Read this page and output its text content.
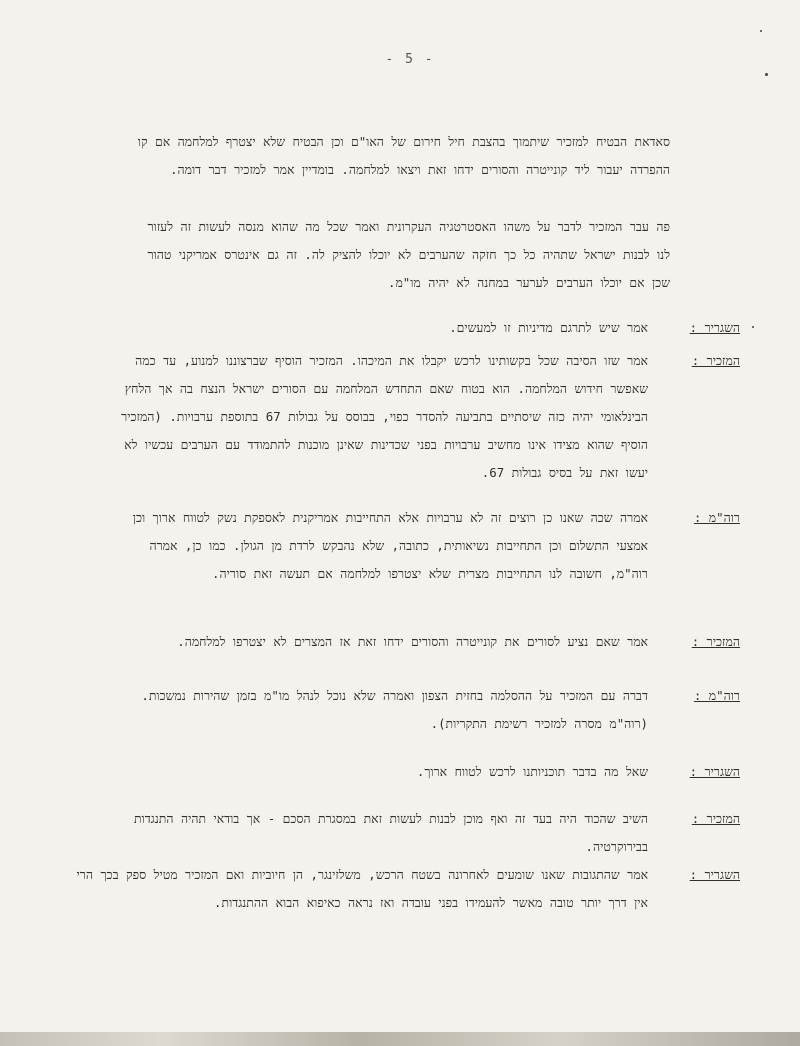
- 5 -
סאדאת הבטיח למזכיר שיתמוך בהצבת חיל חירום של האו"ם וכן הבטיח שלא יצטרף למלחמה אם קו ההפרדה יעבור ליד קונייטרה והסורים ידחו זאת ויצאו למלחמה. בומדיין אמר למזכיר דבר דומה.
פה עבר המזכיר לדבר על משהו האסטרטגיה העקרונית ואמר שכל מה שהוא מנסה לעשות זה לעזור לנו לבנות ישראל שתהיה כל כך חזקה שהערבים לא יוכלו להציק לה. זה גם אינטרס אמריקני טהור שכן אם יוכלו הערבים לערער במחנה לא יהיה מו"מ.
השגריר :
אמר שיש לתרגם מדיניות זו למעשים.
המזכיר :
אמר שזו הסיבה שכל בקשותינו לרכש יקבלו את המיכהו. המזכיר הוסיף שברצוננו למנוע, עד כמה שאפשר חידוש המלחמה. הוא בטוח שאם התחדש המלחמה עם הסורים ישראל הנצח בה אך הלחץ הבינלאומי יהיה כזה שיסתיים בתביעה להסדר כפוי, בבוסס על גבולות 67 בתוספת ערבויות. (המזכיר הוסיף שהוא מצידו אינו מחשיב ערבויות בפני שכדינות שאינן מוכנות להתמודד עם הערבים עכשיו לא יעשו זאת על בסיס גבולות 67.
רוה"מ :
אמרה שכה שאנו כן רוצים זה לא ערבויות אלא התחייבות אמריקנית לאספקת נשק לטווח ארוך וכן אמצעי התשלום וכן התחייבות נשיאותית, כתובה, שלא נהבקש לרדת מן הגולן. כמו כן, אמרה רוה"מ, חשובה לנו התחייבות מצרית שלא יצטרפו למלחמה אם תעשה זאת סוריה.
המזכיר :
אמר שאם נציע לסורים את קונייטרה והסורים ידחו זאת אז המצרים לא יצטרפו למלחמה.
רוה"מ :
דברה עם המזכיר על ההסלמה בחזית הצפון ואמרה שלא נוכל לנהל מו"מ בזמן שהירות נמשכות. (רוה"מ מסרה למזכיר רשימת התקריות).
השגריר :
שאל מה בדבר תוכניותנו לרכש לטווח ארוך.
המזכיר :
השיב שהכוד היה בעד זה ואף מוכן לבנות לעשות זאת במסגרת הסכם - אך בודאי תהיה התנגדות בבירוקרטיה.
השגריר :
אמר שהתגובות שאנו שומעים לאחרונה בשטח הרכש, משלזינגר, הן חיוביות ואם המזכיר מטיל ספק בכך הרי אין דרך יותר טובה מאשר להעמידו בפני עובדה ואז נראה כאיפוא הבוא ההתנגדות.
